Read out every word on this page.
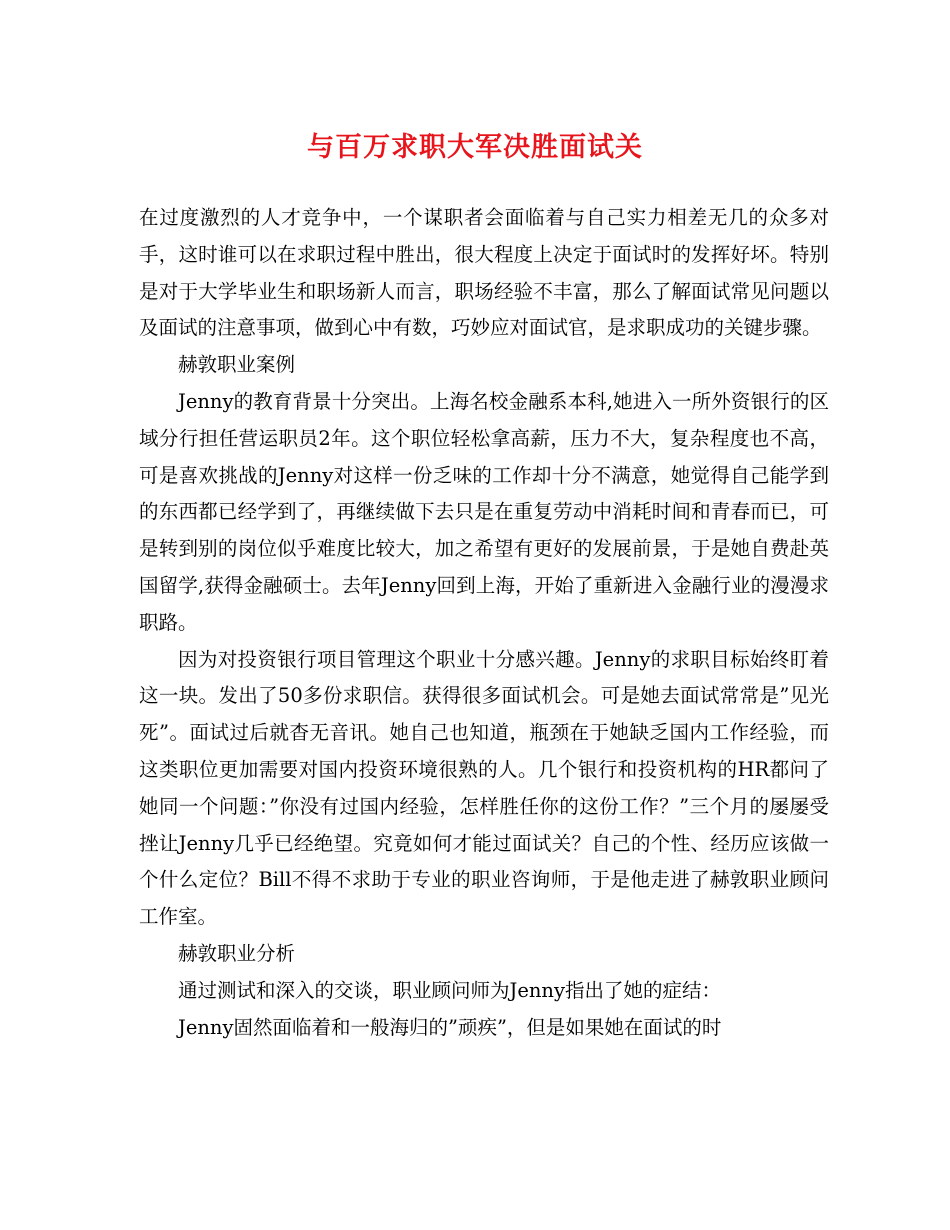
与百万求职大军决胜面试关

在过度激烈的人才竞争中，一个谋职者会面临着与自己实力相差无几的众多对手，这时谁可以在求职过程中胜出，很大程度上决定于面试时的发挥好坏。特别是对于大学毕业生和职场新人而言，职场经验不丰富，那么了解面试常见问题以及面试的注意事项，做到心中有数，巧妙应对面试官，是求职成功的关键步骤。

赫敦职业案例

Jenny的教育背景十分突出。上海名校金融系本科,她进入一所外资银行的区域分行担任营运职员2年。这个职位轻松拿高薪，压力不大，复杂程度也不高，可是喜欢挑战的Jenny对这样一份乏味的工作却十分不满意，她觉得自己能学到的东西都已经学到了，再继续做下去只是在重复劳动中消耗时间和青春而已，可是转到别的岗位似乎难度比较大，加之希望有更好的发展前景，于是她自费赴英国留学,获得金融硕士。去年Jenny回到上海，开始了重新进入金融行业的漫漫求职路。

因为对投资银行项目管理这个职业十分感兴趣。Jenny的求职目标始终盯着这一块。发出了50多份求职信。获得很多面试机会。可是她去面试常常是”见光死”。面试过后就杳无音讯。她自己也知道，瓶颈在于她缺乏国内工作经验，而这类职位更加需要对国内投资环境很熟的人。几个银行和投资机构的HR都问了她同一个问题：”你没有过国内经验，怎样胜任你的这份工作？”三个月的屡屡受挫让Jenny几乎已经绝望。究竟如何才能过面试关？自己的个性、经历应该做一个什么定位？Bill不得不求助于专业的职业咨询师，于是他走进了赫敦职业顾问工作室。

赫敦职业分析

通过测试和深入的交谈，职业顾问师为Jenny指出了她的症结：

Jenny固然面临着和一般海归的”顽疾”，但是如果她在面试的时
